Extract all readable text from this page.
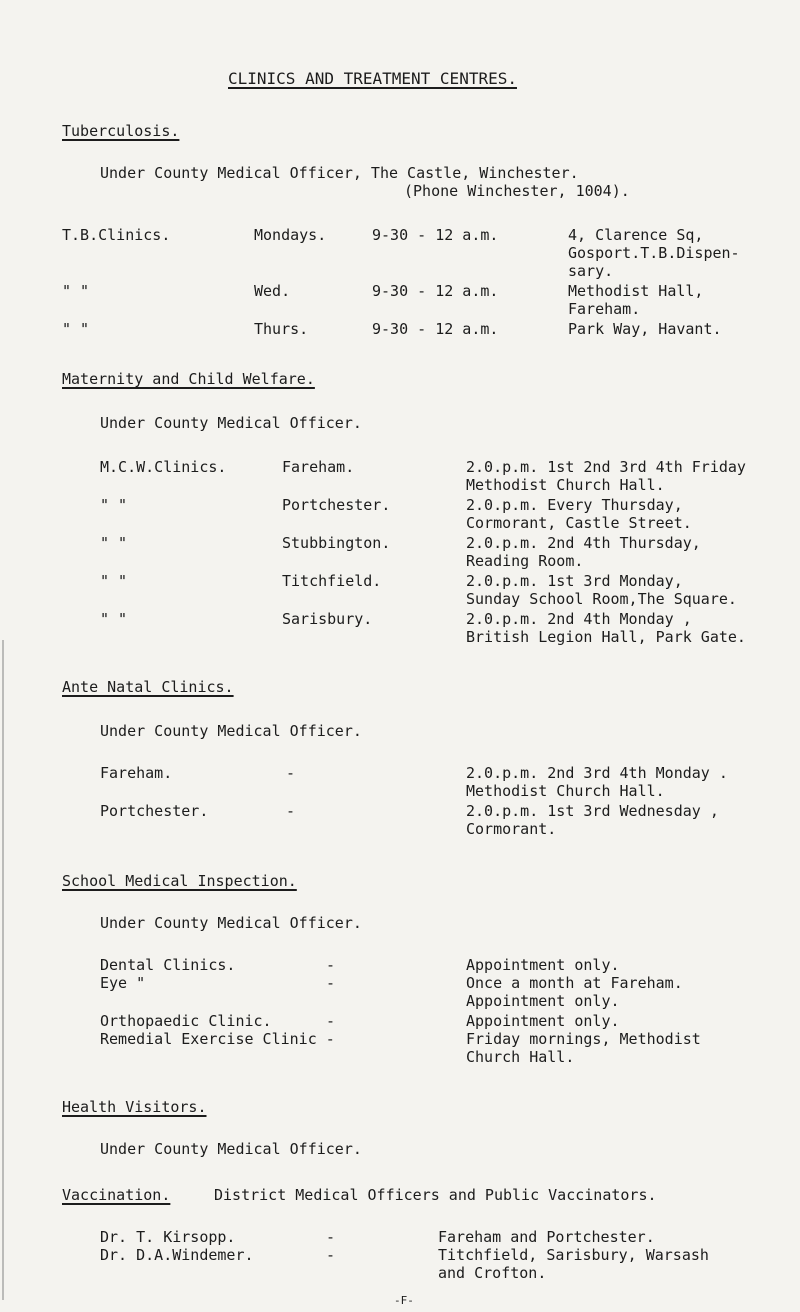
CLINICS AND TREATMENT CENTRES.
Tuberculosis.
Under County Medical Officer, The Castle, Winchester.
(Phone Winchester, 1004).
T.B.Clinics.	Mondays.	9-30 - 12 a.m.	4, Clarence Sq,
Gosport.T.B.Dispen-
sary.
" "	Wed.	9-30 - 12 a.m.	Methodist Hall,
Fareham.
" "	Thurs.	9-30 - 12 a.m.	Park Way, Havant.
Maternity and Child Welfare.
Under County Medical Officer.
M.C.W.Clinics.	Fareham.	2.0.p.m. 1st 2nd 3rd 4th Friday
Methodist Church Hall.
" "	Portchester.	2.0.p.m. Every Thursday,
Cormorant, Castle Street.
" "	Stubbington.	2.0.p.m. 2nd 4th Thursday,
Reading Room.
" "	Titchfield.	2.0.p.m. 1st 3rd Monday,
Sunday School Room,The Square.
" "	Sarisbury.	2.0.p.m. 2nd 4th Monday ,
British Legion Hall, Park Gate.
Ante Natal Clinics.
Under County Medical Officer.
Fareham.	-	2.0.p.m. 2nd 3rd 4th Monday .
Methodist Church Hall.
Portchester.	-	2.0.p.m. 1st 3rd Wednesday ,
Cormorant.
School Medical Inspection.
Under County Medical Officer.
Dental Clinics.	-	Appointment only.
Eye "	-	Once a month at Fareham.
Appointment only.
Orthopaedic Clinic.	-	Appointment only.
Remedial Exercise Clinic -	Friday mornings, Methodist
Church Hall.
Health Visitors.
Under County Medical Officer.
Vaccination.	District Medical Officers and Public Vaccinators.
Dr. T. Kirsopp.	-	Fareham and Portchester.
Dr. D.A.Windemer.	-	Titchfield, Sarisbury, Warsash
and Crofton.
-F-
